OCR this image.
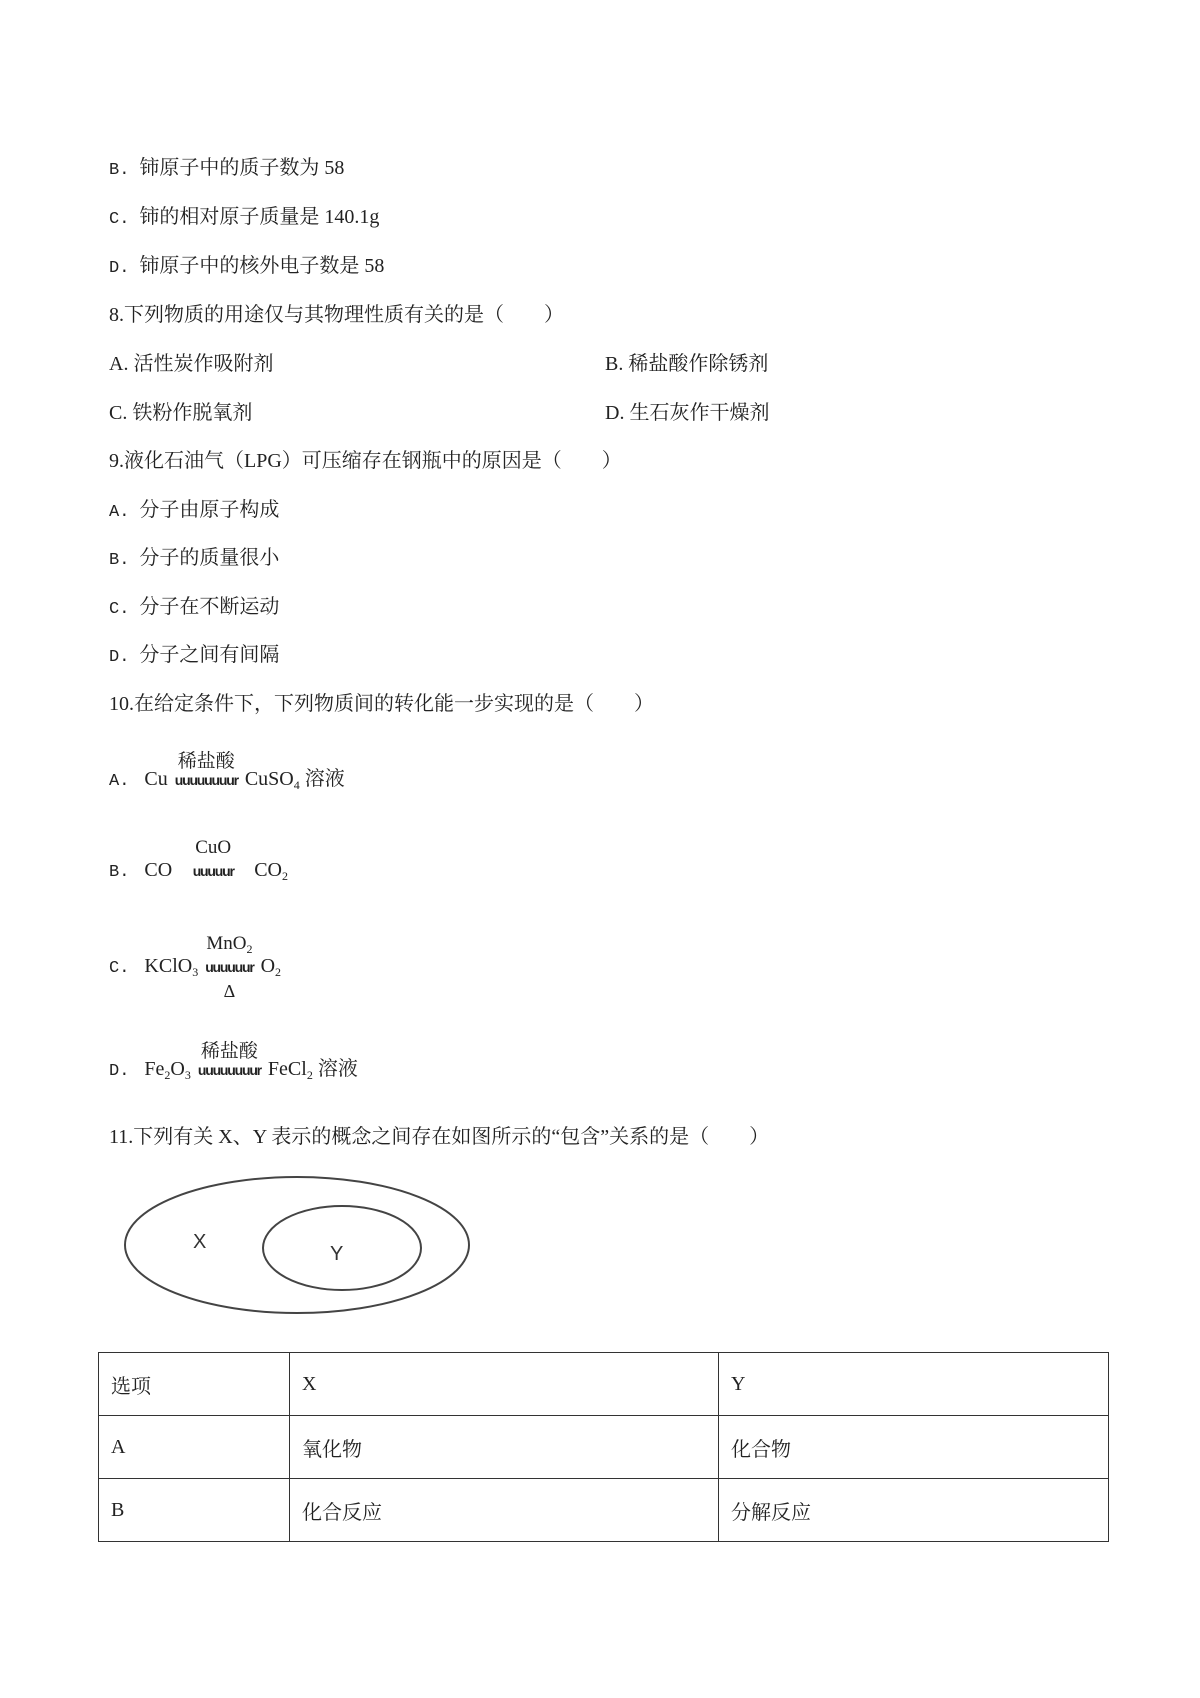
B. 铈原子中的质子数为 58
C. 铈的相对原子质量是 140.1g
D. 铈原子中的核外电子数是 58
8.下列物质的用途仅与其物理性质有关的是（　　）
A. 活性炭作吸附剂	B. 稀盐酸作除锈剂
C. 铁粉作脱氧剂	D. 生石灰作干燥剂
9.液化石油气（LPG）可压缩存在钢瓶中的原因是（　　）
A. 分子由原子构成
B. 分子的质量很小
C. 分子在不断运动
D. 分子之间有间隔
10.在给定条件下，下列物质间的转化能一步实现的是（　　）
A. Cu
稀盐酸
uuuuuuuur CuSO$_4$ 溶液
B. CO
CuO
uuuuur $CO_2$
C. KClO$_3$
MnO$_2$
uuuuuur
Δ
$O_2$
D. $Fe_2O_3$
稀盐酸
uuuuuuuur FeCl$_2$ 溶液
11.下列有关 X、Y 表示的概念之间存在如图所示的“包含”关系的是（　　）
X
Y
选项	X	Y
A	氧化物	化合物
B	化合反应	分解反应
